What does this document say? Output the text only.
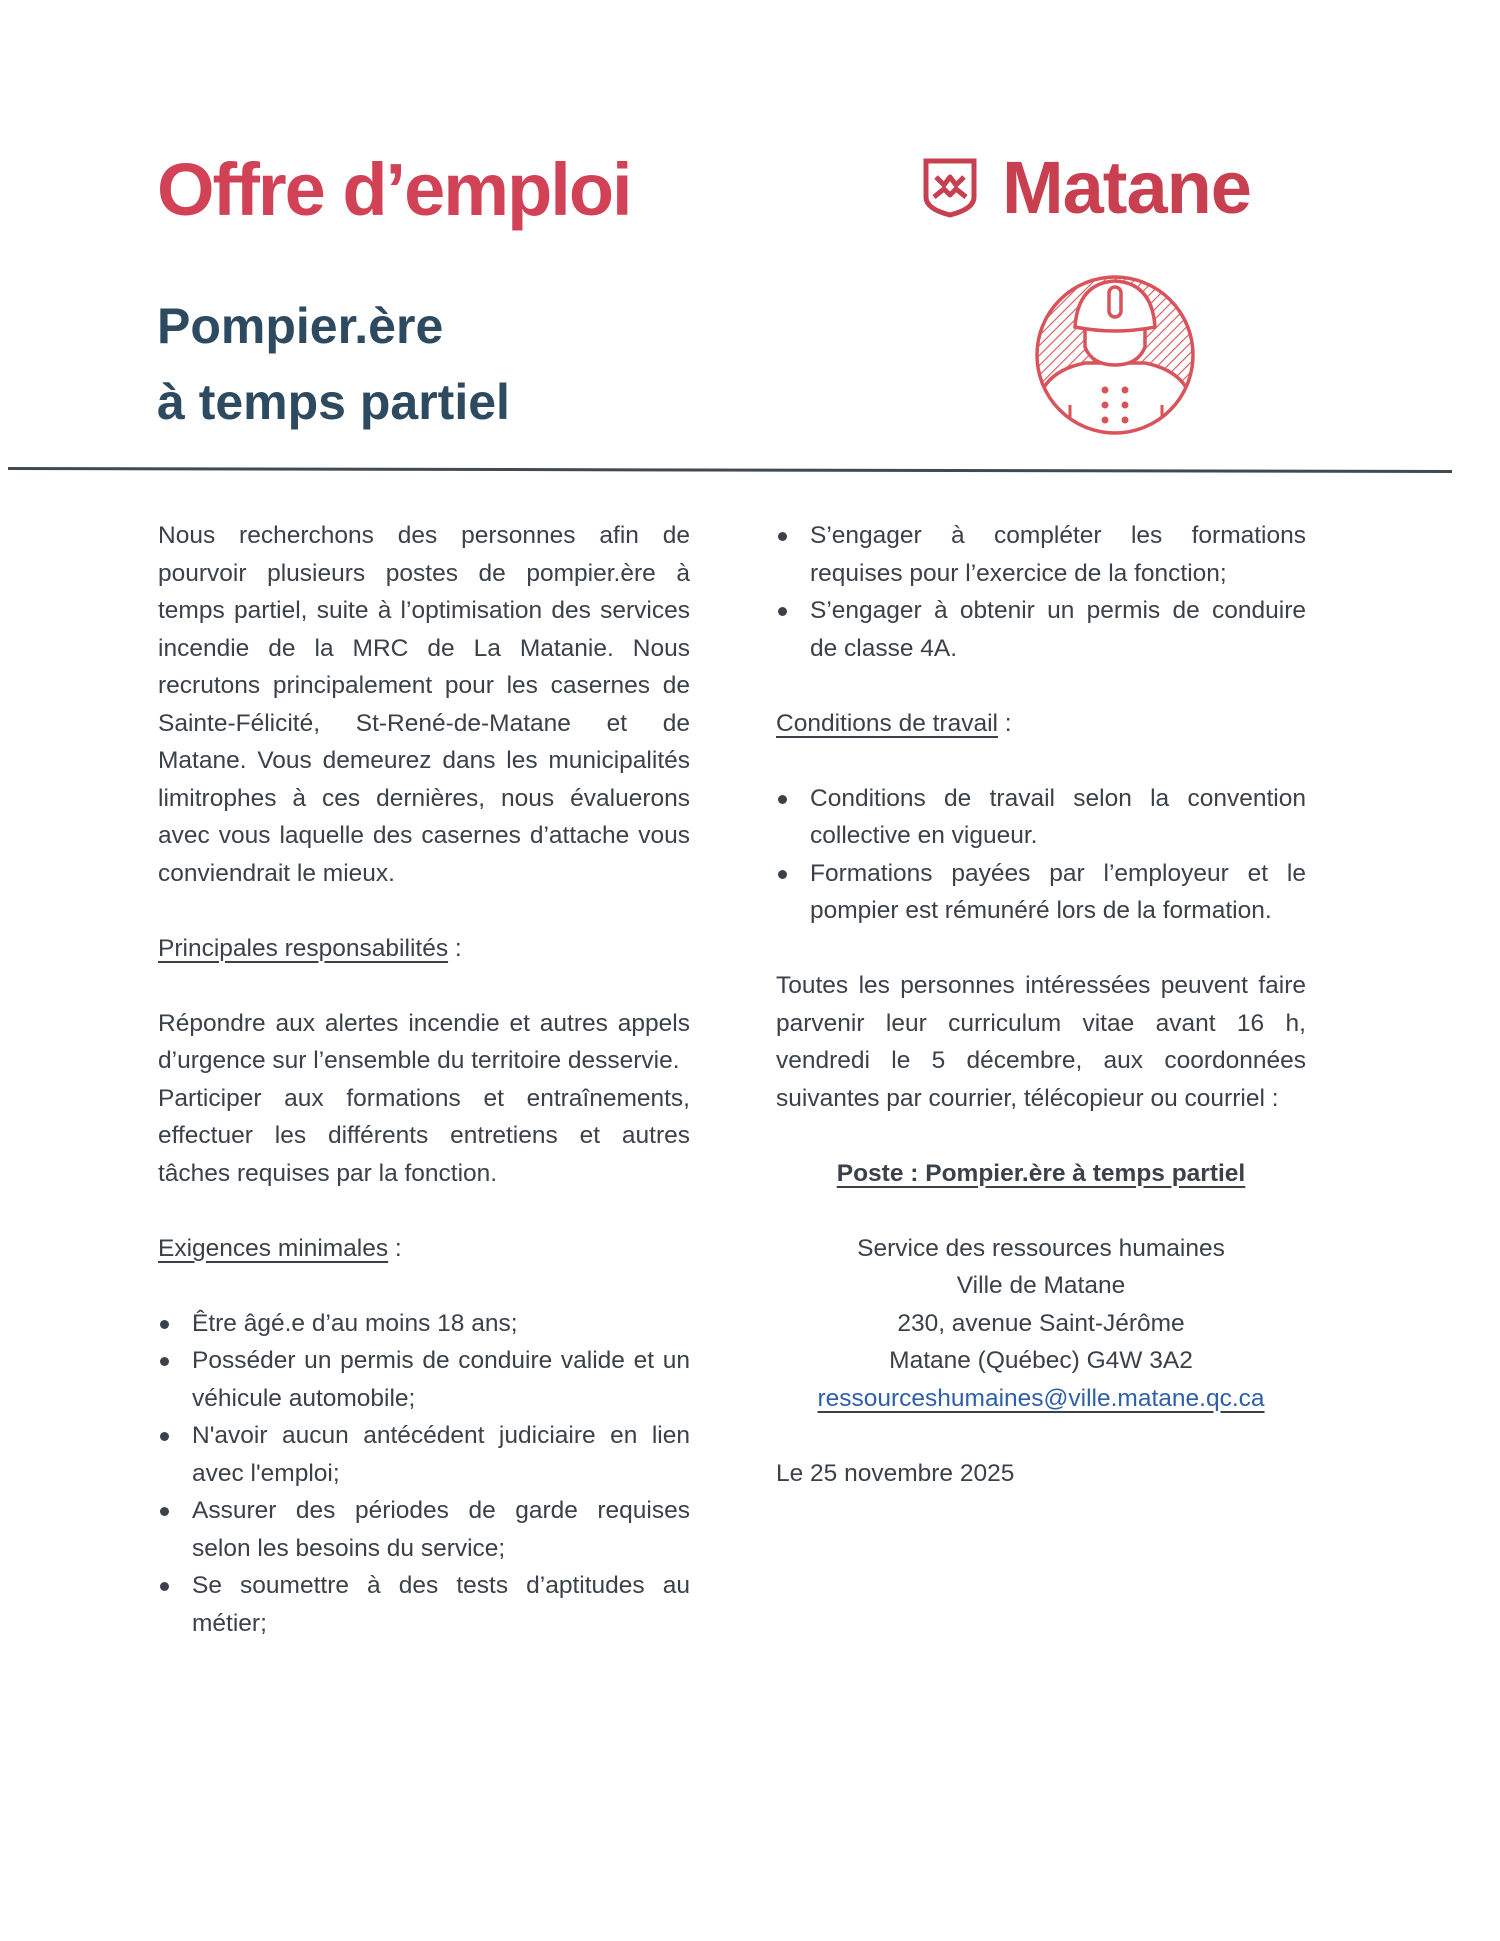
Offre d’emploi	Matane
Pompier.ère
à temps partiel

Nous recherchons des personnes afin de pourvoir plusieurs postes de pompier.ère à temps partiel, suite à l’optimisation des services incendie de la MRC de La Matanie. Nous recrutons principalement pour les casernes de Sainte-Félicité, St-René-de-Matane et de Matane. Vous demeurez dans les municipalités limitrophes à ces dernières, nous évaluerons avec vous laquelle des casernes d’attache vous conviendrait le mieux.

Principales responsabilités :

Répondre aux alertes incendie et autres appels d’urgence sur l’ensemble du territoire desservie.

Participer aux formations et entraînements, effectuer les différents entretiens et autres tâches requises par la fonction.

Exigences minimales :

Être âgé.e d’au moins 18 ans;
Posséder un permis de conduire valide et un véhicule automobile;
N'avoir aucun antécédent judiciaire en lien avec l'emploi;
Assurer des périodes de garde requises selon les besoins du service;
Se soumettre à des tests d’aptitudes au métier;
S’engager à compléter les formations requises pour l’exercice de la fonction;
S’engager à obtenir un permis de conduire de classe 4A.

Conditions de travail :

Conditions de travail selon la convention collective en vigueur.
Formations payées par l’employeur et le pompier est rémunéré lors de la formation.

Toutes les personnes intéressées peuvent faire parvenir leur curriculum vitae avant 16 h, vendredi le 5 décembre, aux coordonnées suivantes par courrier, télécopieur ou courriel :

Poste : Pompier.ère à temps partiel

Service des ressources humaines

Ville de Matane

230, avenue Saint-Jérôme

Matane (Québec) G4W 3A2

ressourceshumaines@ville.matane.qc.ca

Le 25 novembre 2025
